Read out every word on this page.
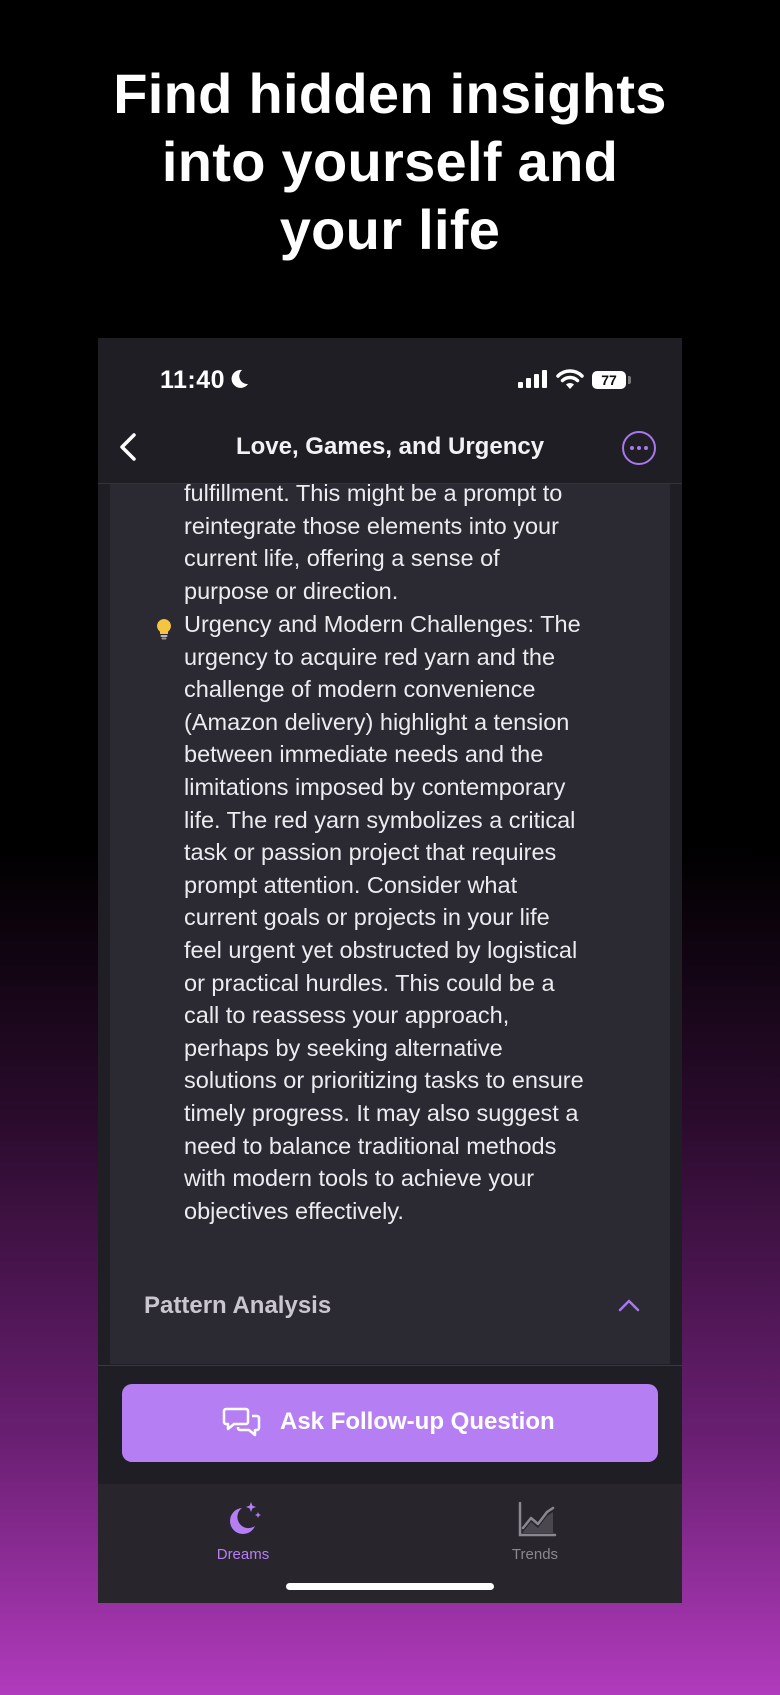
Find hidden insights
into yourself and
your life
11:40	77
Love, Games, and Urgency
fulfillment. This might be a prompt to
reintegrate those elements into your
current life, offering a sense of
purpose or direction.
Urgency and Modern Challenges: The
urgency to acquire red yarn and the
challenge of modern convenience
(Amazon delivery) highlight a tension
between immediate needs and the
limitations imposed by contemporary
life. The red yarn symbolizes a critical
task or passion project that requires
prompt attention. Consider what
current goals or projects in your life
feel urgent yet obstructed by logistical
or practical hurdles. This could be a
call to reassess your approach,
perhaps by seeking alternative
solutions or prioritizing tasks to ensure
timely progress. It may also suggest a
need to balance traditional methods
with modern tools to achieve your
objectives effectively.
Pattern Analysis
Ask Follow-up Question
Dreams	Trends
